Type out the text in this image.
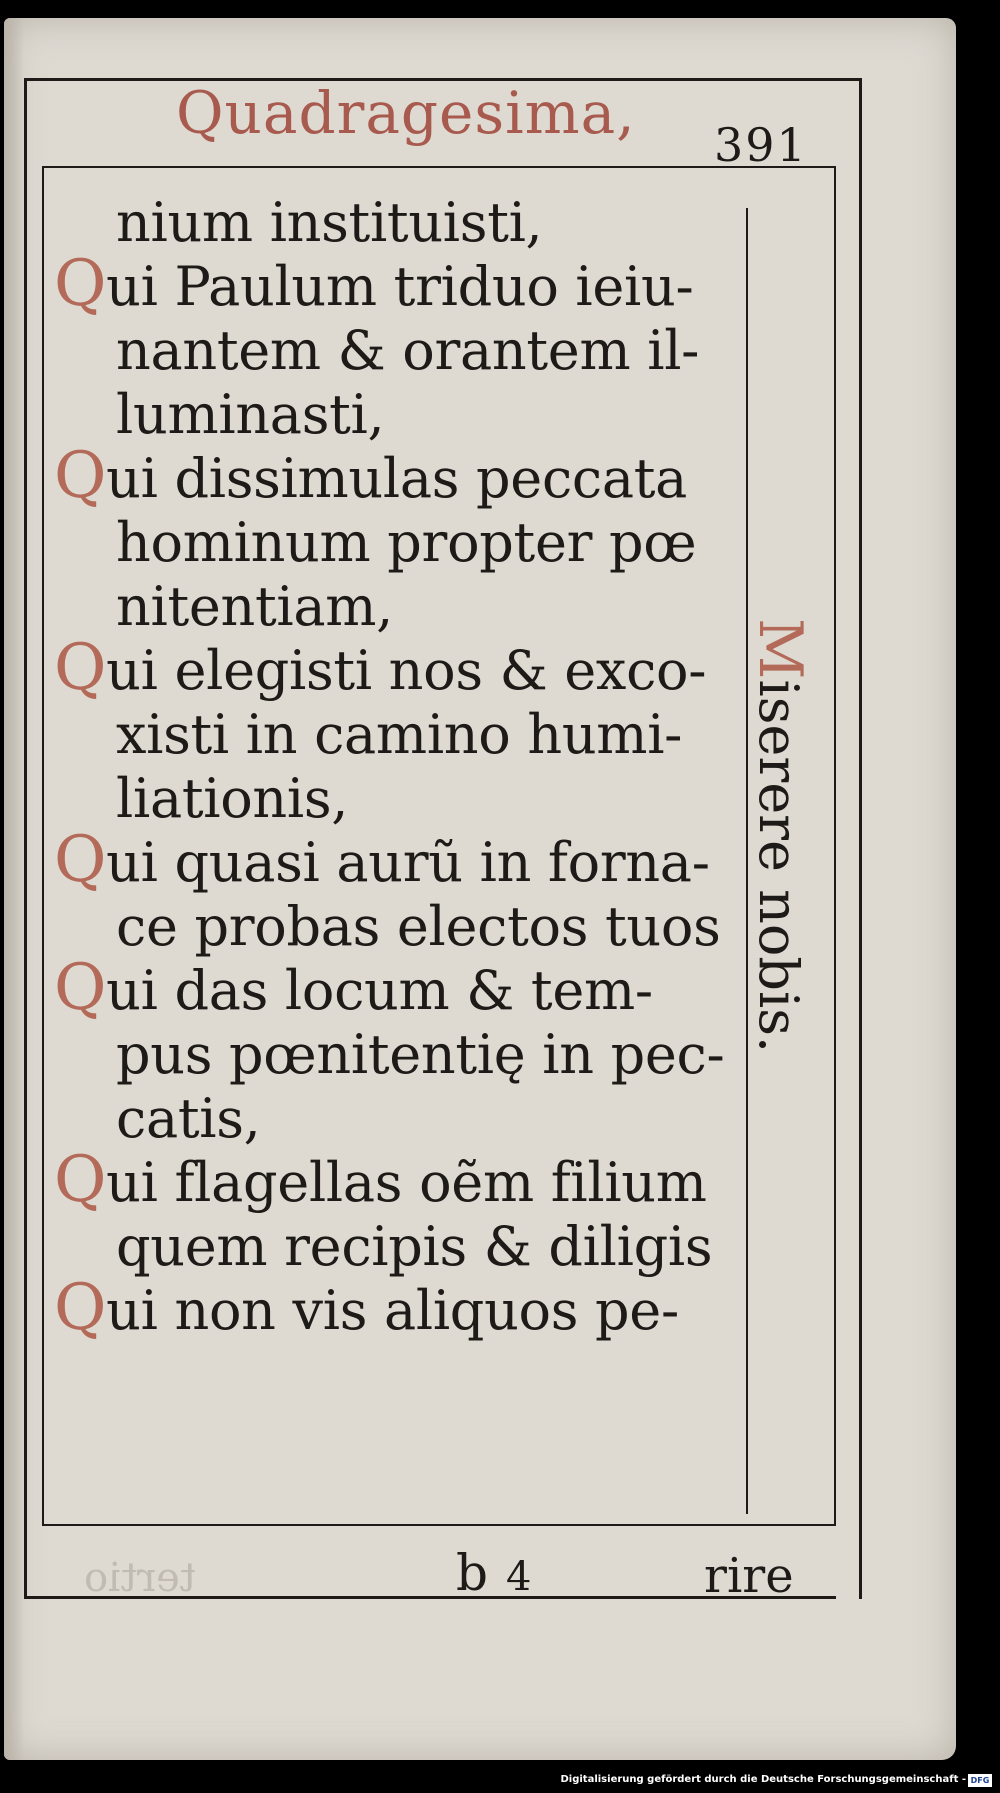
Quadragesima, 391
nium instituisti,
Qui Paulum triduo ieiu-
nantem & orantem il-
luminasti,
Qui dissimulas peccata
hominum propter pœ
nitentiam,
Qui elegisti nos & exco-
xisti in camino humi-
liationis,
Qui quasi aurũ in forna-
ce probas electos tuos
Qui das locum & tem-
pus pœnitentię in pec-
catis,
Qui flagellas oẽm filium
quem recipis & diligis
Qui non vis aliquos pe-
Miserere nobis.
tertio	b 4	rire
Digitalisierung gefördert durch die Deutsche Forschungsgemeinschaft - DFG
